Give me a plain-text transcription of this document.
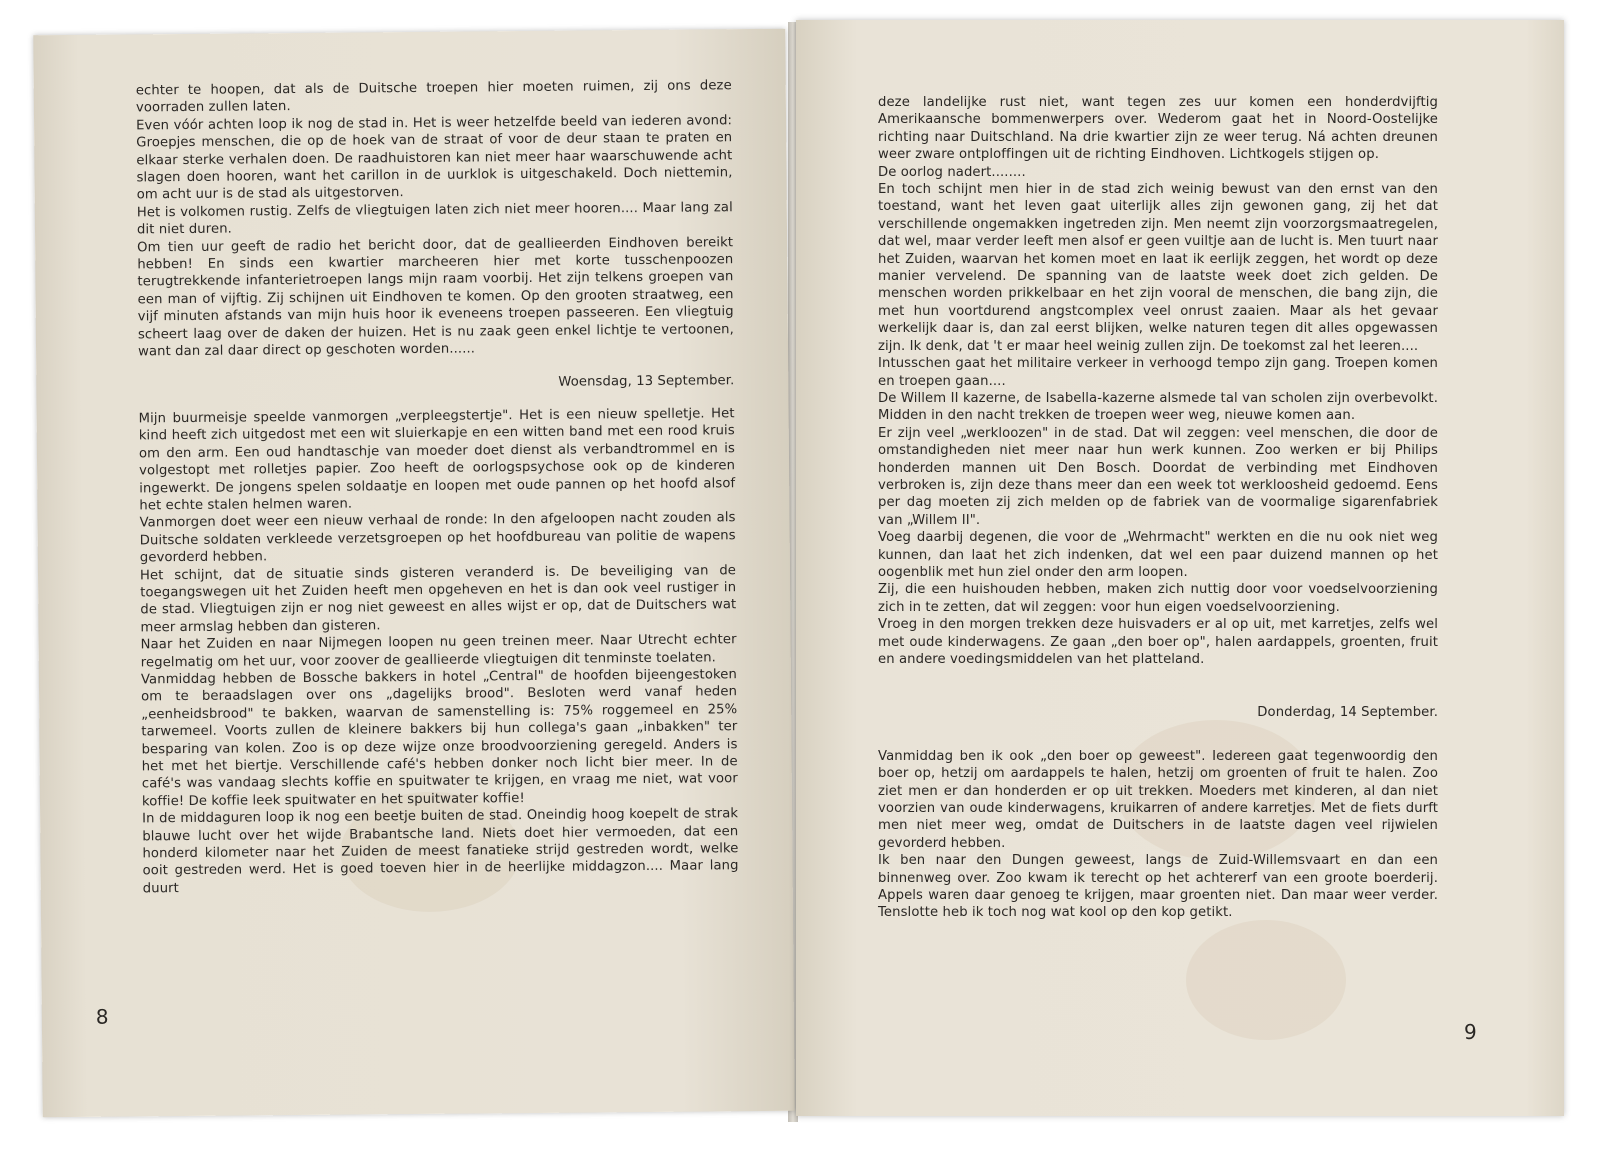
echter te hoopen, dat als de Duitsche troepen hier moeten ruimen, zij ons deze voorraden zullen laten.

Even vóór achten loop ik nog de stad in. Het is weer hetzelfde beeld van iederen avond: Groepjes menschen, die op de hoek van de straat of voor de deur staan te praten en elkaar sterke verhalen doen. De raadhuistoren kan niet meer haar waarschuwende acht slagen doen hooren, want het carillon in de uurklok is uitgeschakeld. Doch niettemin, om acht uur is de stad als uitgestorven.

Het is volkomen rustig. Zelfs de vliegtuigen laten zich niet meer hooren.... Maar lang zal dit niet duren.

Om tien uur geeft de radio het bericht door, dat de geallieerden Eindhoven bereikt hebben! En sinds een kwartier marcheeren hier met korte tusschenpoozen terugtrekkende infanterietroepen langs mijn raam voorbij. Het zijn telkens groepen van een man of vijftig. Zij schijnen uit Eindhoven te komen. Op den grooten straatweg, een vijf minuten afstands van mijn huis hoor ik eveneens troepen passeeren. Een vliegtuig scheert laag over de daken der huizen. Het is nu zaak geen enkel lichtje te vertoonen, want dan zal daar direct op geschoten worden......

Woensdag, 13 September.

Mijn buurmeisje speelde vanmorgen „verpleegstertje". Het is een nieuw spelletje. Het kind heeft zich uitgedost met een wit sluierkapje en een witten band met een rood kruis om den arm. Een oud handtaschje van moeder doet dienst als verbandtrommel en is volgestopt met rolletjes papier. Zoo heeft de oorlogspsychose ook op de kinderen ingewerkt. De jongens spelen soldaatje en loopen met oude pannen op het hoofd alsof het echte stalen helmen waren.

Vanmorgen doet weer een nieuw verhaal de ronde: In den afgeloopen nacht zouden als Duitsche soldaten verkleede verzetsgroepen op het hoofdbureau van politie de wapens gevorderd hebben.

Het schijnt, dat de situatie sinds gisteren veranderd is. De beveiliging van de toegangswegen uit het Zuiden heeft men opgeheven en het is dan ook veel rustiger in de stad. Vliegtuigen zijn er nog niet geweest en alles wijst er op, dat de Duitschers wat meer armslag hebben dan gisteren.

Naar het Zuiden en naar Nijmegen loopen nu geen treinen meer. Naar Utrecht echter regelmatig om het uur, voor zoover de geallieerde vliegtuigen dit tenminste toelaten.

Vanmiddag hebben de Bossche bakkers in hotel „Central" de hoofden bijeengestoken om te beraadslagen over ons „dagelijks brood". Besloten werd vanaf heden „eenheidsbrood" te bakken, waarvan de samenstelling is: 75% roggemeel en 25% tarwemeel. Voorts zullen de kleinere bakkers bij hun collega's gaan „inbakken" ter besparing van kolen. Zoo is op deze wijze onze broodvoorziening geregeld. Anders is het met het biertje. Verschillende café's hebben donker noch licht bier meer. In de café's was vandaag slechts koffie en spuitwater te krijgen, en vraag me niet, wat voor koffie! De koffie leek spuitwater en het spuitwater koffie!

In de middaguren loop ik nog een beetje buiten de stad. Oneindig hoog koepelt de strak blauwe lucht over het wijde Brabantsche land. Niets doet hier vermoeden, dat een honderd kilometer naar het Zuiden de meest fanatieke strijd gestreden wordt, welke ooit gestreden werd. Het is goed toeven hier in de heerlijke middagzon.... Maar lang duurt

8

deze landelijke rust niet, want tegen zes uur komen een honderdvijftig Amerikaansche bommenwerpers over. Wederom gaat het in Noord-Oostelijke richting naar Duitschland. Na drie kwartier zijn ze weer terug. Ná achten dreunen weer zware ontploffingen uit de richting Eindhoven. Lichtkogels stijgen op.

De oorlog nadert........

En toch schijnt men hier in de stad zich weinig bewust van den ernst van den toestand, want het leven gaat uiterlijk alles zijn gewonen gang, zij het dat verschillende ongemakken ingetreden zijn. Men neemt zijn voorzorgsmaatregelen, dat wel, maar verder leeft men alsof er geen vuiltje aan de lucht is. Men tuurt naar het Zuiden, waarvan het komen moet en laat ik eerlijk zeggen, het wordt op deze manier vervelend. De spanning van de laatste week doet zich gelden. De menschen worden prikkelbaar en het zijn vooral de menschen, die bang zijn, die met hun voortdurend angstcomplex veel onrust zaaien. Maar als het gevaar werkelijk daar is, dan zal eerst blijken, welke naturen tegen dit alles opgewassen zijn. Ik denk, dat 't er maar heel weinig zullen zijn. De toekomst zal het leeren....

Intusschen gaat het militaire verkeer in verhoogd tempo zijn gang. Troepen komen en troepen gaan....

De Willem II kazerne, de Isabella-kazerne alsmede tal van scholen zijn overbevolkt. Midden in den nacht trekken de troepen weer weg, nieuwe komen aan.

Er zijn veel „werkloozen" in de stad. Dat wil zeggen: veel menschen, die door de omstandigheden niet meer naar hun werk kunnen. Zoo werken er bij Philips honderden mannen uit Den Bosch. Doordat de verbinding met Eindhoven verbroken is, zijn deze thans meer dan een week tot werkloosheid gedoemd. Eens per dag moeten zij zich melden op de fabriek van de voormalige sigarenfabriek van „Willem II".

Voeg daarbij degenen, die voor de „Wehrmacht" werkten en die nu ook niet weg kunnen, dan laat het zich indenken, dat wel een paar duizend mannen op het oogenblik met hun ziel onder den arm loopen.

Zij, die een huishouden hebben, maken zich nuttig door voor voedselvoorziening zich in te zetten, dat wil zeggen: voor hun eigen voedselvoorziening.

Vroeg in den morgen trekken deze huisvaders er al op uit, met karretjes, zelfs wel met oude kinderwagens. Ze gaan „den boer op", halen aardappels, groenten, fruit en andere voedingsmiddelen van het platteland.

Donderdag, 14 September.

Vanmiddag ben ik ook „den boer op geweest". Iedereen gaat tegenwoordig den boer op, hetzij om aardappels te halen, hetzij om groenten of fruit te halen. Zoo ziet men er dan honderden er op uit trekken. Moeders met kinderen, al dan niet voorzien van oude kinderwagens, kruikarren of andere karretjes. Met de fiets durft men niet meer weg, omdat de Duitschers in de laatste dagen veel rijwielen gevorderd hebben.

Ik ben naar den Dungen geweest, langs de Zuid-Willemsvaart en dan een binnenweg over. Zoo kwam ik terecht op het achtererf van een groote boerderij. Appels waren daar genoeg te krijgen, maar groenten niet. Dan maar weer verder. Tenslotte heb ik toch nog wat kool op den kop getikt.

9
